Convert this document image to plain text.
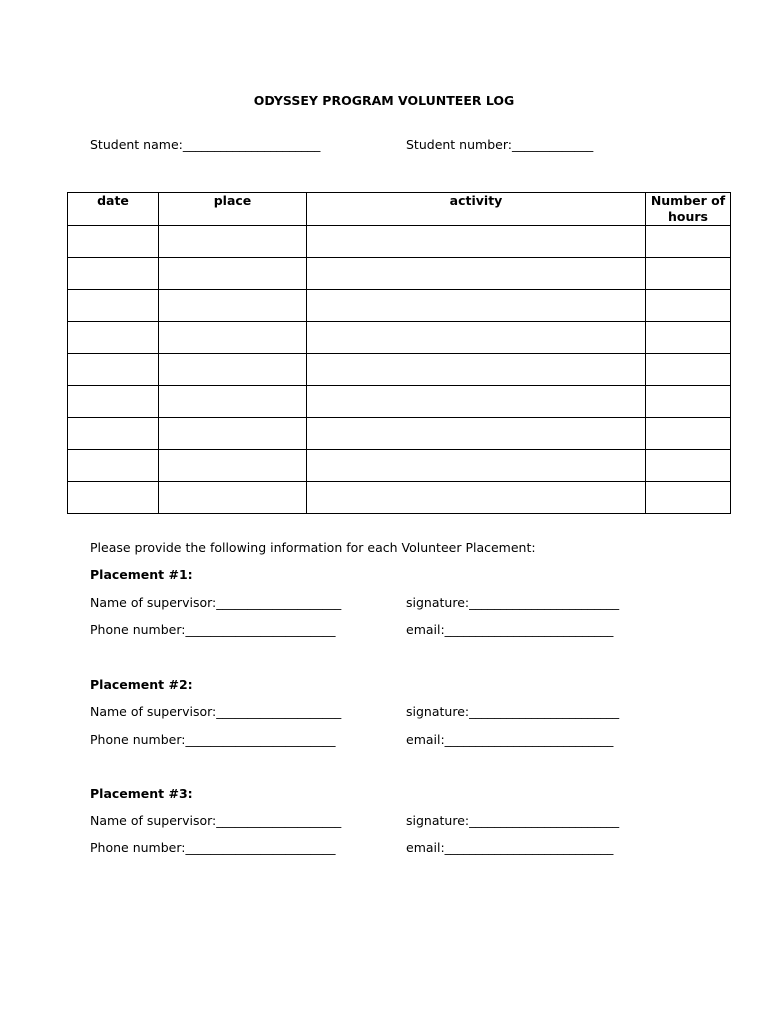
ODYSSEY PROGRAM VOLUNTEER LOG
Student name:______________________	Student number:_____________
date	place	activity	Number of hours

Please provide the following information for each Volunteer Placement:
Placement #1:
Name of supervisor:____________________	signature:________________________
Phone number:________________________	email:___________________________
Placement #2:
Name of supervisor:____________________	signature:________________________
Phone number:________________________	email:___________________________
Placement #3:
Name of supervisor:____________________	signature:________________________
Phone number:________________________	email:___________________________
